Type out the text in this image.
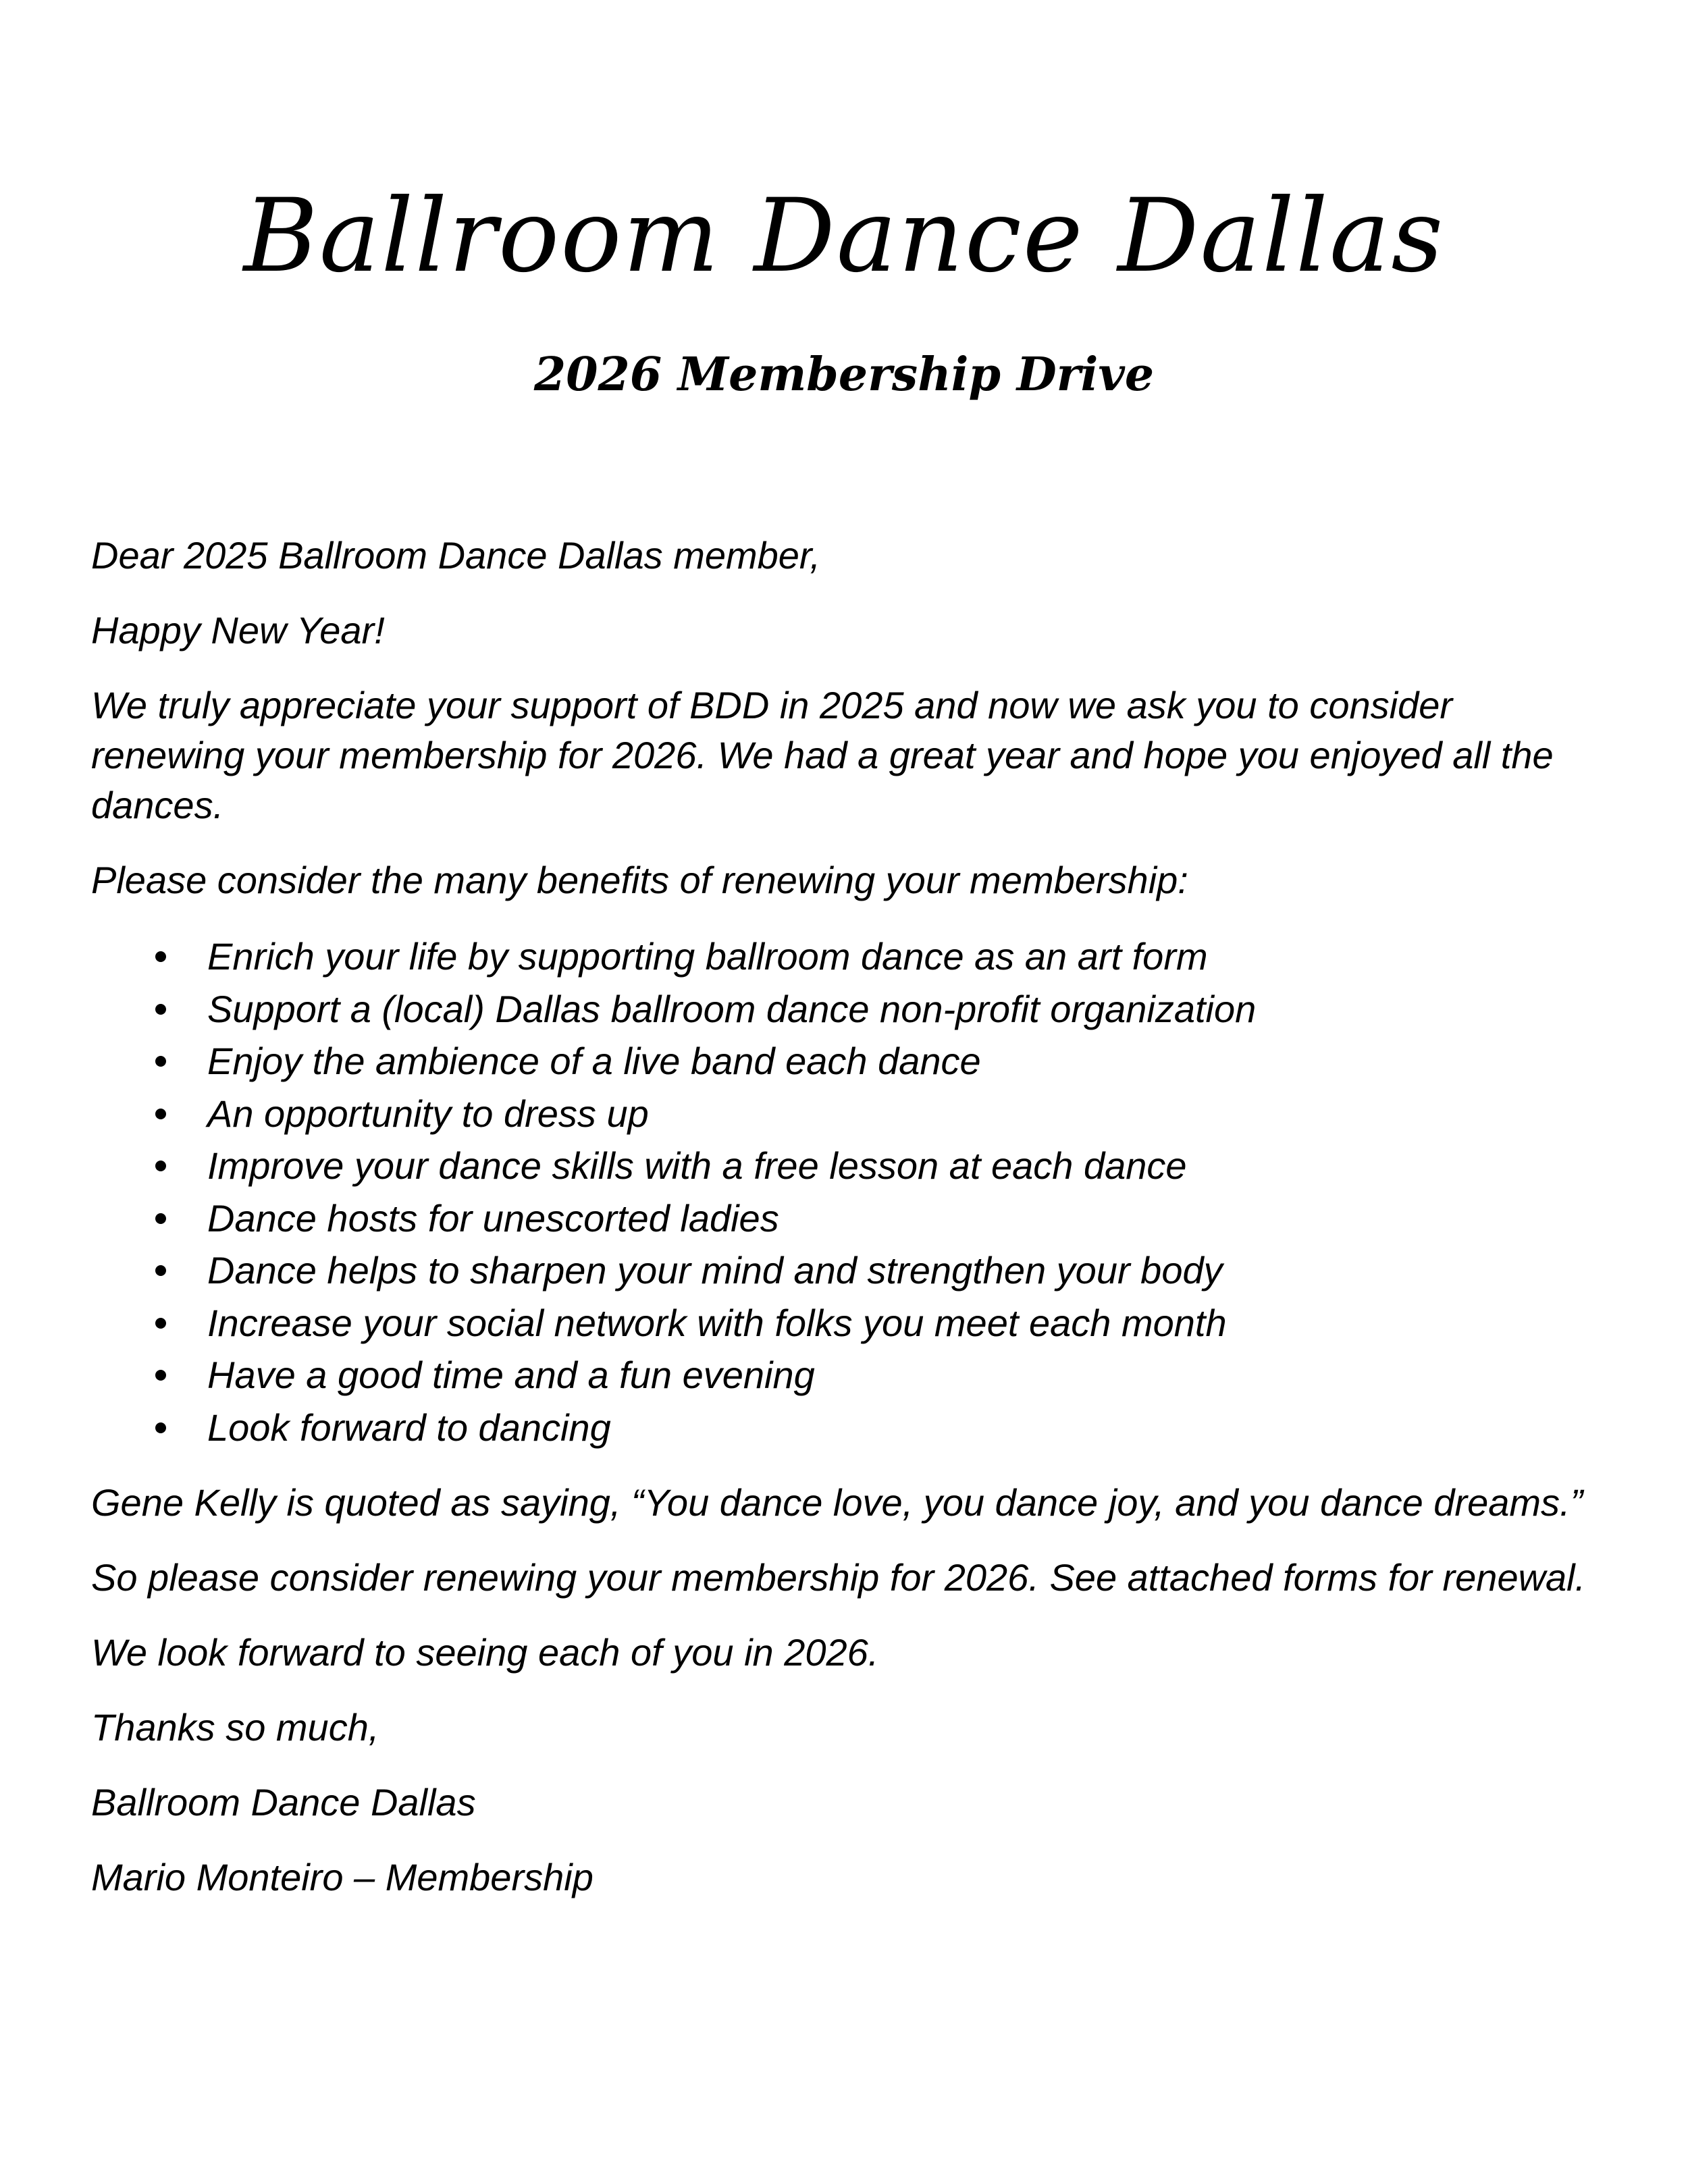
Ballroom Dance Dallas
2026 Membership Drive

Dear 2025 Ballroom Dance Dallas member,

Happy New Year!

We truly appreciate your support of BDD in 2025 and now we ask you to consider renewing your membership for 2026. We had a great year and hope you enjoyed all the dances.

Please consider the many benefits of renewing your membership:

Enrich your life by supporting ballroom dance as an art form
Support a (local) Dallas ballroom dance non-profit organization
Enjoy the ambience of a live band each dance
An opportunity to dress up
Improve your dance skills with a free lesson at each dance
Dance hosts for unescorted ladies
Dance helps to sharpen your mind and strengthen your body
Increase your social network with folks you meet each month
Have a good time and a fun evening
Look forward to dancing

Gene Kelly is quoted as saying, “You dance love, you dance joy, and you dance dreams.”

So please consider renewing your membership for 2026. See attached forms for renewal.

We look forward to seeing each of you in 2026.

Thanks so much,

Ballroom Dance Dallas

Mario Monteiro – Membership
